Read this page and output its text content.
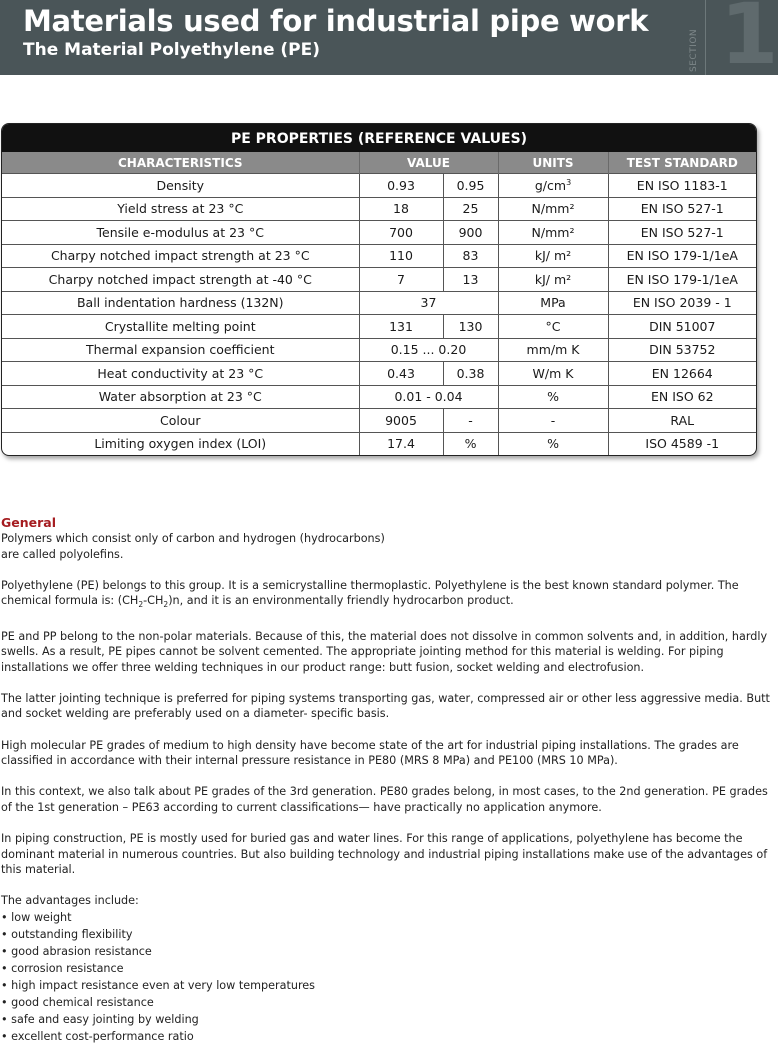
Materials used for industrial pipe work
The Material Polyethylene (PE)	SECTION 1
PE PROPERTIES (REFERENCE VALUES)
CHARACTERISTICS	VALUE		UNITS	TEST STANDARD
Density	0.93	0.95	$g/cm^3$	EN ISO 1183-1
Yield stress at 23 °C	18	25	N/mm²	EN ISO 527-1
Tensile e-modulus at 23 °C	700	900	N/mm²	EN ISO 527-1
Charpy notched impact strength at 23 °C	110	83	kJ/ m²	EN ISO 179-1/1eA
Charpy notched impact strength at -40 °C	7	13	kJ/ m²	EN ISO 179-1/1eA
Ball indentation hardness (132N)	37		MPa	EN ISO 2039 - 1
Crystallite melting point	131	130	°C	DIN 51007
Thermal expansion coefficient	0.15 ... 0.20		mm/m K	DIN 53752
Heat conductivity at 23 °C	0.43	0.38	W/m K	EN 12664
Water absorption at 23 °C	0.01 - 0.04		%	EN ISO 62
Colour	9005	-	-	RAL
Limiting oxygen index (LOI)	17.4	%	%	ISO 4589 -1
General

Polymers which consist only of carbon and hydrogen (hydrocarbons)
are called polyolefins.

Polyethylene (PE) belongs to this group. It is a semicrystalline thermoplastic. Polyethylene is the best known standard polymer. The chemical formula is: $(CH_2-CH_2)n$, and it is an environmentally friendly hydrocarbon product.

PE and PP belong to the non-polar materials. Because of this, the material does not dissolve in common solvents and, in addition, hardly swells. As a result, PE pipes cannot be solvent cemented. The appropriate jointing method for this material is welding. For piping installations we offer three welding techniques in our product range: butt fusion, socket welding and electrofusion.

The latter jointing technique is preferred for piping systems transporting gas, water, compressed air or other less aggressive media. Butt and socket welding are preferably used on a diameter- specific basis.

High molecular PE grades of medium to high density have become state of the art for industrial piping installations. The grades are classified in accordance with their internal pressure resistance in PE80 (MRS 8 MPa) and PE100 (MRS 10 MPa).

In this context, we also talk about PE grades of the 3rd generation. PE80 grades belong, in most cases, to the 2nd generation. PE grades of the 1st generation – PE63 according to current classifications— have practically no application anymore.

In piping construction, PE is mostly used for buried gas and water lines. For this range of applications, polyethylene has become the dominant material in numerous countries. But also building technology and industrial piping installations make use of the advantages of this material.

The advantages include:

• low weight
• outstanding flexibility
• good abrasion resistance
• corrosion resistance
• high impact resistance even at very low temperatures
• good chemical resistance
• safe and easy jointing by welding
• excellent cost-performance ratio
